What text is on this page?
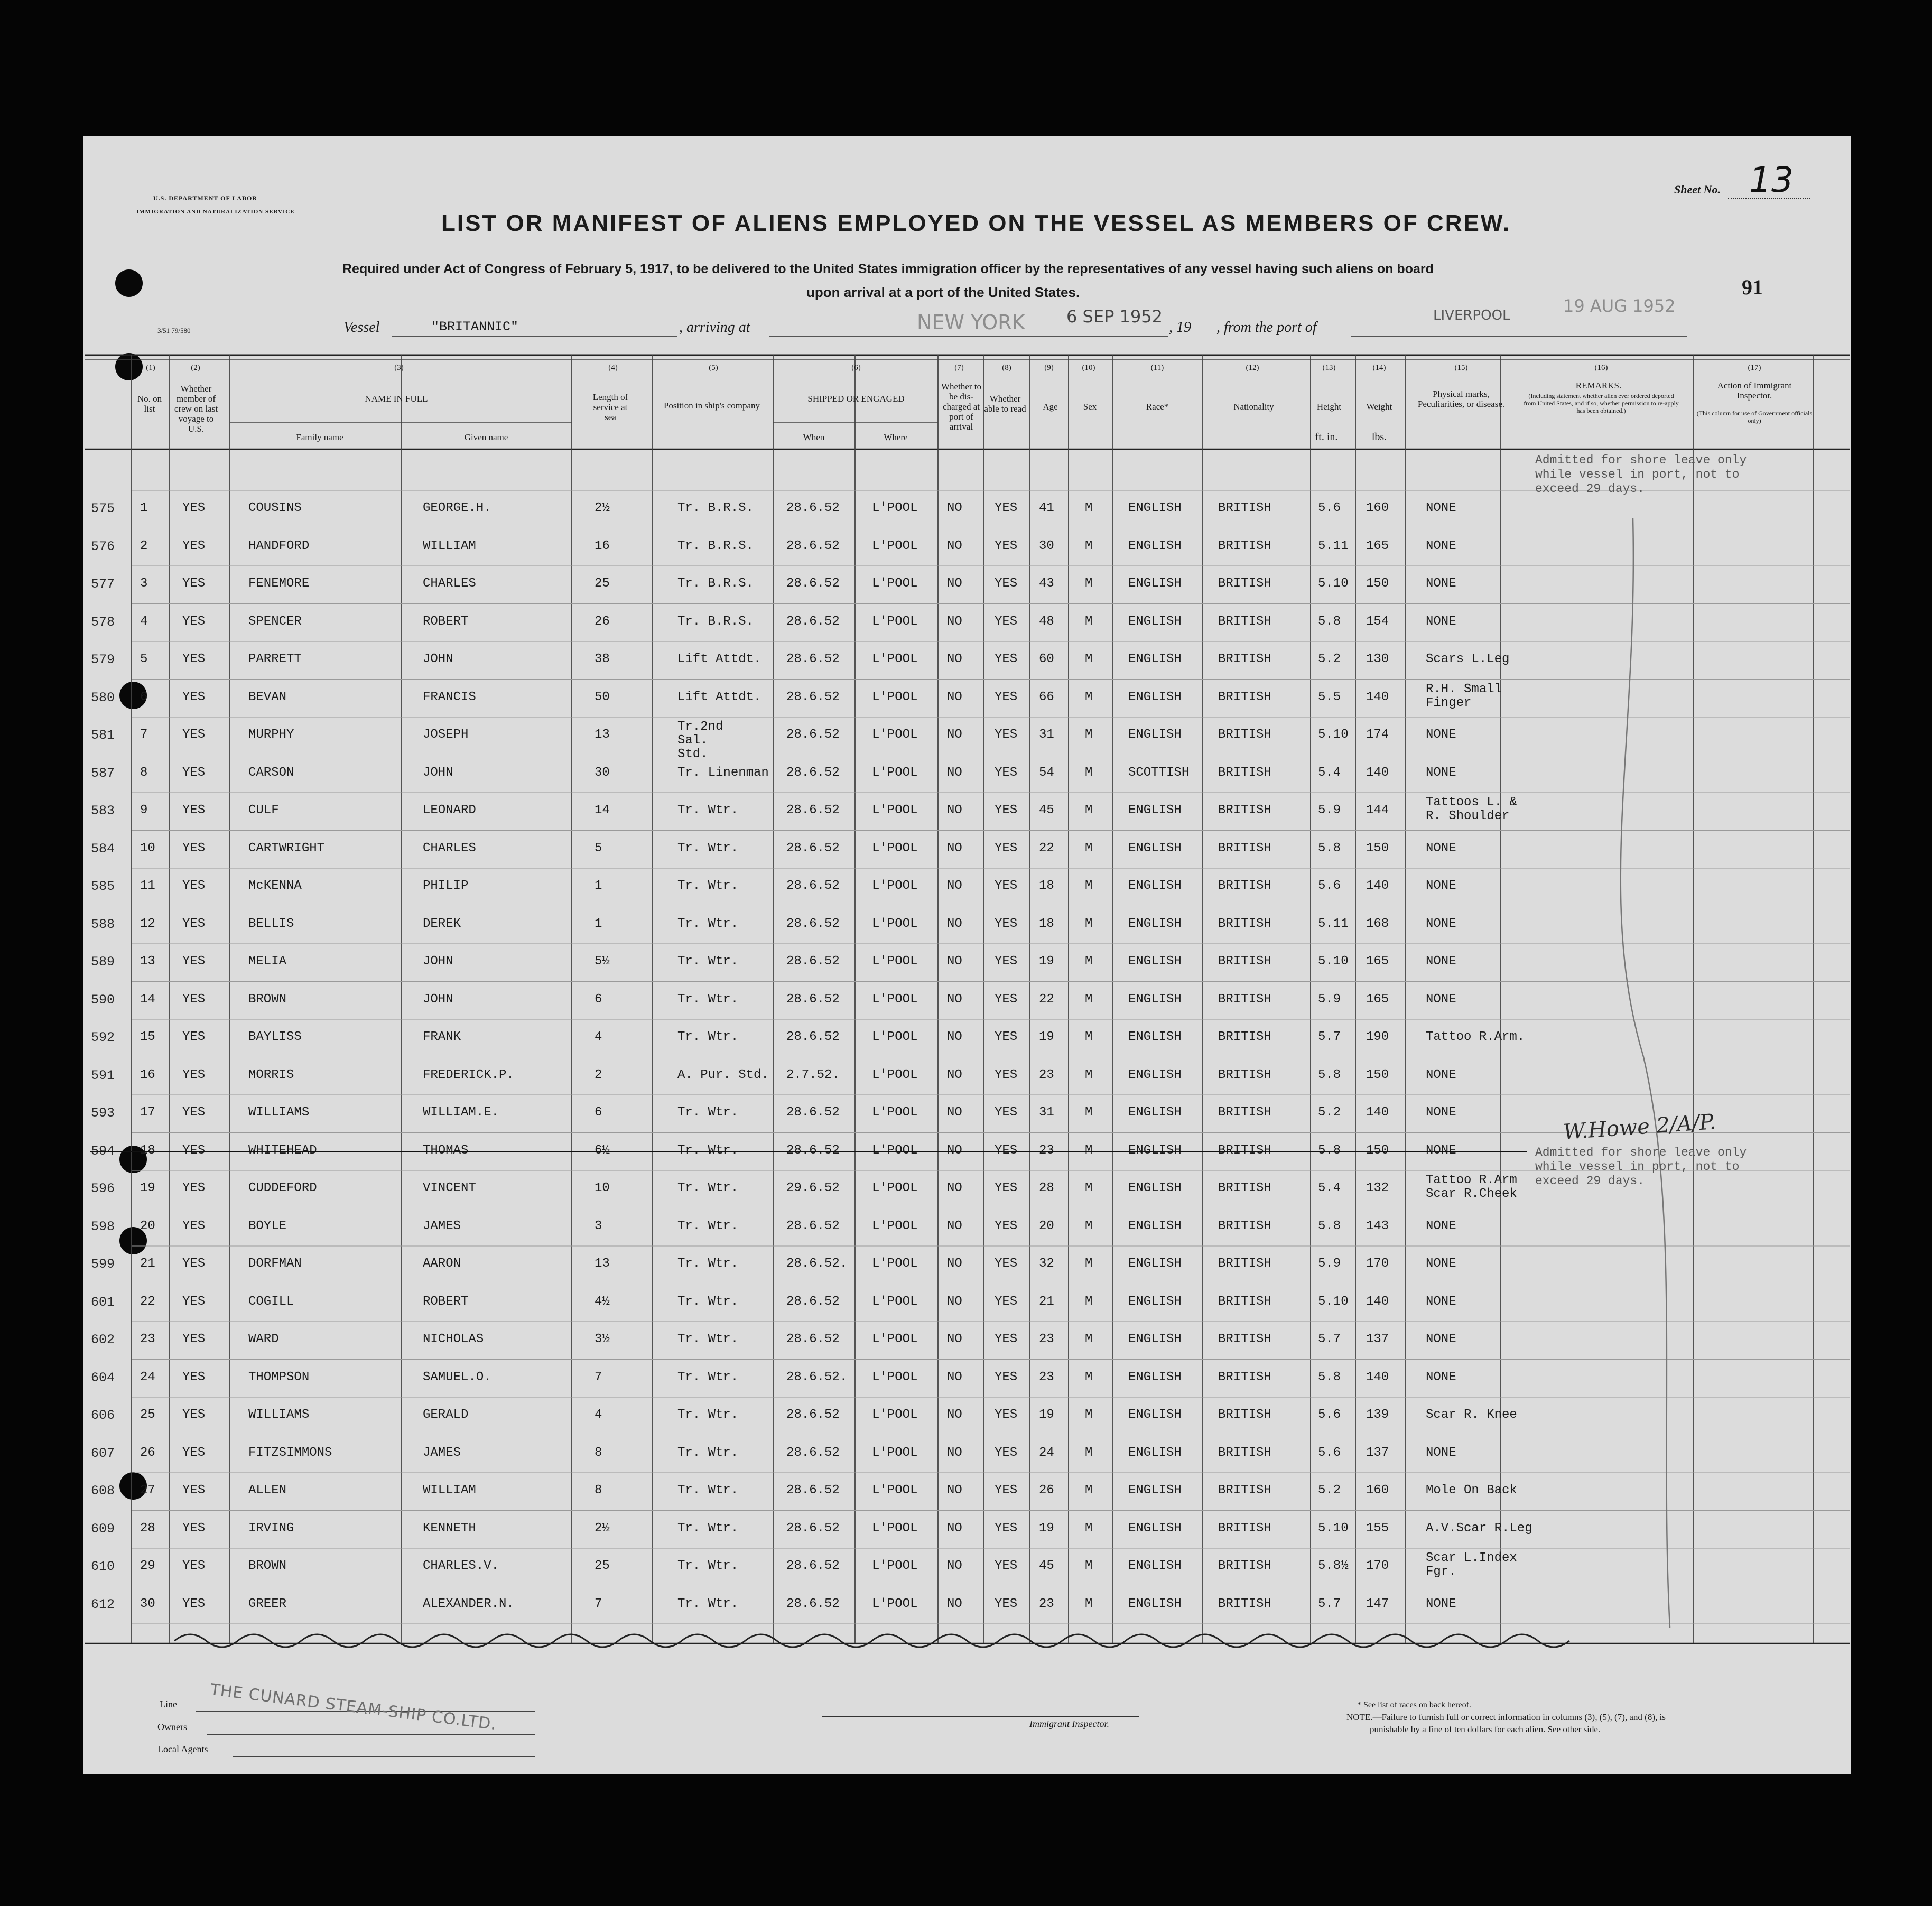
U.S. DEPARTMENT OF LABOR
IMMIGRATION AND NATURALIZATION SERVICE
3/51 79/580
Sheet No. 13
91
LIST OR MANIFEST OF ALIENS EMPLOYED ON THE VESSEL AS MEMBERS OF CREW.
Required under Act of Congress of February 5, 1917, to be delivered to the United States immigration officer by the representatives of any vessel having such aliens on board
upon arrival at a port of the United States.
Vessel	"BRITANNIC"	, arriving at	NEW YORK 6 SEP 1952
, 19 , from the port of
LIVERPOOL	19 AUG 1952
(1)	(2)	(3)	(4)	(5)	(6)	(7)	(8)	(9)	(10)	(11)	(12)	(13)	(14)	(15)	(16)	(17)
No. on list
Whether member of crew on last voyage to U.S.
NAME IN FULL
Family name	Given name
Length of service at sea
Position in ship's company
SHIPPED OR ENGAGED
When	Where
Whether to be dis-charged at port of arrival
Whether able to read	Age	Sex	Race*	Nationality	Height
ft. in.
Weight
lbs.
Physical marks, Peculiarities, or disease.
REMARKS.
(Including statement whether alien ever ordered deported from United States, and if so, whether permission to re-apply has been obtained.)
Action of Immigrant Inspector.
(This column for use of Government officials only)
575 1	YES	COUSINS	GEORGE.H.	2½	Tr. B.R.S.	28.6.52	L'POOL NO	YES 41 M	ENGLISH	BRITISH	5.6 160	NONE
576 2	YES	HANDFORD	WILLIAM	16	Tr. B.R.S.	28.6.52	L'POOL NO	YES 30 M	ENGLISH	BRITISH	5.11 165	NONE
577 3	YES	FENEMORE	CHARLES	25	Tr. B.R.S.	28.6.52	L'POOL NO	YES 43 M	ENGLISH	BRITISH	5.10 150	NONE
578 4	YES	SPENCER	ROBERT	26	Tr. B.R.S.	28.6.52	L'POOL NO	YES 48 M	ENGLISH	BRITISH	5.8 154	NONE
579 5	YES	PARRETT	JOHN	38	Lift Attdt. 28.6.52	L'POOL NO	YES 60 M	ENGLISH	BRITISH	5.2 130	Scars L.Leg
580 6	YES	BEVAN	FRANCIS	50	Lift Attdt. 28.6.52	L'POOL NO	YES 66 M	ENGLISH	BRITISH	5.5 140
R.H. Small Finger
581 7	YES	MURPHY	JOSEPH	13
Tr.2nd Sal. Std.
28.6.52	L'POOL NO	YES 31 M	ENGLISH	BRITISH	5.10 174	NONE
587 8	YES	CARSON	JOHN	30	Tr. Linenman 28.6.52	L'POOL NO	YES 54 M	SCOTTISH BRITISH	5.4 140	NONE
583 9	YES	CULF	LEONARD	14	Tr. Wtr.	28.6.52	L'POOL NO	YES 45 M	ENGLISH	BRITISH	5.9 144
Tattoos L. & R. Shoulder
584 10 YES	CARTWRIGHT	CHARLES	5	Tr. Wtr.	28.6.52	L'POOL NO	YES 22 M	ENGLISH	BRITISH	5.8 150	NONE
585 11 YES	McKENNA	PHILIP	1	Tr. Wtr.	28.6.52	L'POOL NO	YES 18 M	ENGLISH	BRITISH	5.6 140	NONE
588 12 YES	BELLIS	DEREK	1	Tr. Wtr.	28.6.52	L'POOL NO	YES 18 M	ENGLISH	BRITISH	5.11 168	NONE
589 13 YES	MELIA	JOHN	5½	Tr. Wtr.	28.6.52	L'POOL NO	YES 19 M	ENGLISH	BRITISH	5.10 165	NONE
590 14 YES	BROWN	JOHN	6	Tr. Wtr.	28.6.52	L'POOL NO	YES 22 M	ENGLISH	BRITISH	5.9 165	NONE
592 15 YES	BAYLISS	FRANK	4	Tr. Wtr.	28.6.52	L'POOL NO	YES 19 M	ENGLISH	BRITISH	5.7 190	Tattoo R.Arm.
591 16 YES	MORRIS	FREDERICK.P.	2	A. Pur. Std. 2.7.52.	L'POOL NO	YES 23 M	ENGLISH	BRITISH	5.8 150	NONE
593 17 YES	WILLIAMS	WILLIAM.E.	6	Tr. Wtr.	28.6.52	L'POOL NO	YES 31 M	ENGLISH	BRITISH	5.2 140	NONE
594 18 YES	WHITEHEAD	THOMAS	6½	Tr. Wtr.	28.6.52	L'POOL NO	YES 23 M	ENGLISH	BRITISH	5.8 150	NONE
596 19 YES	CUDDEFORD	VINCENT	10	Tr. Wtr.	29.6.52	L'POOL NO	YES 28 M	ENGLISH	BRITISH	5.4 132
Tattoo R.Arm Scar R.Cheek
598 20 YES	BOYLE	JAMES	3	Tr. Wtr.	28.6.52	L'POOL NO	YES 20 M	ENGLISH	BRITISH	5.8 143	NONE
599 21 YES	DORFMAN	AARON	13	Tr. Wtr.	28.6.52. L'POOL NO	YES 32 M	ENGLISH	BRITISH	5.9 170	NONE
601 22 YES	COGILL	ROBERT	4½	Tr. Wtr.	28.6.52	L'POOL NO	YES 21 M	ENGLISH	BRITISH	5.10 140	NONE
602 23 YES	WARD	NICHOLAS	3½	Tr. Wtr.	28.6.52	L'POOL NO	YES 23 M	ENGLISH	BRITISH	5.7 137	NONE
604 24 YES	THOMPSON	SAMUEL.O.	7	Tr. Wtr.	28.6.52. L'POOL NO	YES 23 M	ENGLISH	BRITISH	5.8 140	NONE
606 25 YES	WILLIAMS	GERALD	4	Tr. Wtr.	28.6.52	L'POOL NO	YES 19 M	ENGLISH	BRITISH	5.6 139	Scar R. Knee
607 26 YES	FITZSIMMONS	JAMES	8	Tr. Wtr.	28.6.52	L'POOL NO	YES 24 M	ENGLISH	BRITISH	5.6 137	NONE
608 27 YES	ALLEN	WILLIAM	8	Tr. Wtr.	28.6.52	L'POOL NO	YES 26 M	ENGLISH	BRITISH	5.2 160	Mole On Back
609 28 YES	IRVING	KENNETH	2½	Tr. Wtr.	28.6.52	L'POOL NO	YES 19 M	ENGLISH	BRITISH	5.10 155	A.V.Scar R.Leg
610 29 YES	BROWN	CHARLES.V.	25	Tr. Wtr.	28.6.52	L'POOL NO	YES 45 M	ENGLISH	BRITISH	5.8½ 170
Scar L.Index Fgr.
612 30 YES	GREER	ALEXANDER.N.	7	Tr. Wtr.	28.6.52	L'POOL NO	YES 23 M	ENGLISH	BRITISH	5.7 147	NONE
Admitted for shore leave only
while vessel in port, not to
exceed 29 days.
Admitted for shore leave only
while vessel in port, not to
exceed 29 days.
W.Howe 2/A/P.
Line
Owners
Local Agents
THE CUNARD STEAM-SHIP CO.LTD.	Immigrant Inspector.
* See list of races on back hereof.
NOTE.—Failure to furnish full or correct information in columns (3), (5), (7), and (8), is
punishable by a fine of ten dollars for each alien. See other side.
